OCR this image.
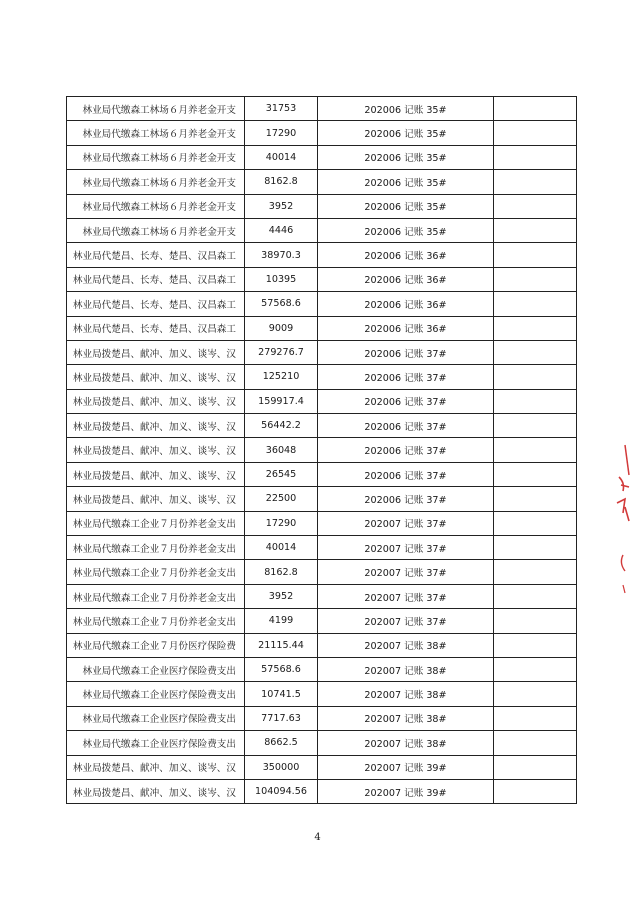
林业局代缴森工林场６月养老金开支	31753	202006 记账 35#	
林业局代缴森工林场６月养老金开支	17290	202006 记账 35#	
林业局代缴森工林场６月养老金开支	40014	202006 记账 35#	
林业局代缴森工林场６月养老金开支	8162.8	202006 记账 35#	
林业局代缴森工林场６月养老金开支	3952	202006 记账 35#	
林业局代缴森工林场６月养老金开支	4446	202006 记账 35#	
林业局代楚昌、长寿、楚昌、汉昌森工	38970.3	202006 记账 36#	
林业局代楚昌、长寿、楚昌、汉昌森工	10395	202006 记账 36#	
林业局代楚昌、长寿、楚昌、汉昌森工	57568.6	202006 记账 36#	
林业局代楚昌、长寿、楚昌、汉昌森工	9009	202006 记账 36#	
林业局拨楚昌、献冲、加义、谈岑、汉	279276.7	202006 记账 37#	
林业局拨楚昌、献冲、加义、谈岑、汉	125210	202006 记账 37#	
林业局拨楚昌、献冲、加义、谈岑、汉	159917.4	202006 记账 37#	
林业局拨楚昌、献冲、加义、谈岑、汉	56442.2	202006 记账 37#	
林业局拨楚昌、献冲、加义、谈岑、汉	36048	202006 记账 37#	
林业局拨楚昌、献冲、加义、谈岑、汉	26545	202006 记账 37#	
林业局拨楚昌、献冲、加义、谈岑、汉	22500	202006 记账 37#	
林业局代缴森工企业７月份养老金支出	17290	202007 记账 37#	
林业局代缴森工企业７月份养老金支出	40014	202007 记账 37#	
林业局代缴森工企业７月份养老金支出	8162.8	202007 记账 37#	
林业局代缴森工企业７月份养老金支出	3952	202007 记账 37#	
林业局代缴森工企业７月份养老金支出	4199	202007 记账 37#	
林业局代缴森工企业７月份医疗保险费	21115.44	202007 记账 38#	
林业局代缴森工企业医疗保险费支出	57568.6	202007 记账 38#	
林业局代缴森工企业医疗保险费支出	10741.5	202007 记账 38#	
林业局代缴森工企业医疗保险费支出	7717.63	202007 记账 38#	
林业局代缴森工企业医疗保险费支出	8662.5	202007 记账 38#	
林业局拨楚昌、献冲、加义、谈岑、汉	350000	202007 记账 39#	
林业局拨楚昌、献冲、加义、谈岑、汉	104094.56	202007 记账 39#	
4
